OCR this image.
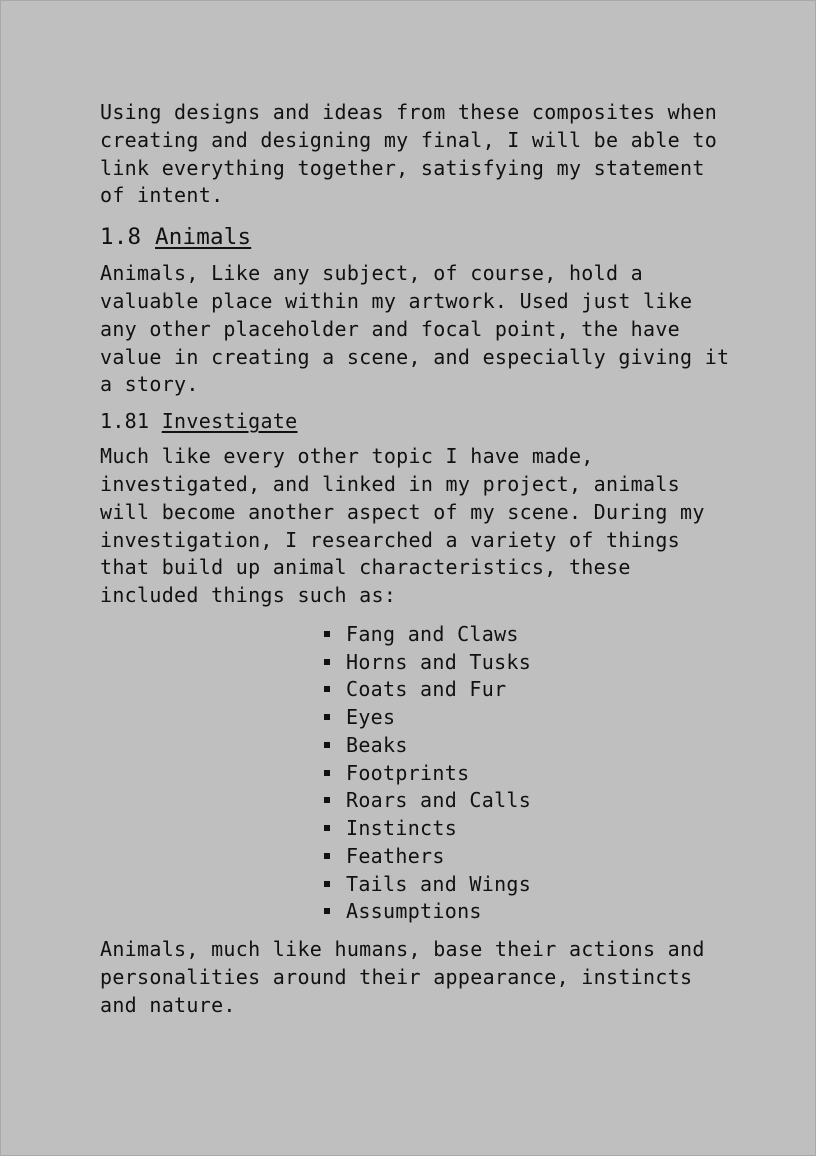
Using designs and ideas from these composites when creating and designing my final, I will be able to link everything together, satisfying my statement of intent.

1.8 Animals

Animals, Like any subject, of course, hold a valuable place within my artwork. Used just like any other placeholder and focal point, the have value in creating a scene, and especially giving it a story.

1.81 Investigate

Much like every other topic I have made, investigated, and linked in my project, animals will become another aspect of my scene. During my investigation, I researched a variety of things that build up animal characteristics, these included things such as:

Fang and Claws
Horns and Tusks
Coats and Fur
Eyes
Beaks
Footprints
Roars and Calls
Instincts
Feathers
Tails and Wings
Assumptions

Animals, much like humans, base their actions and personalities around their appearance, instincts and nature.
